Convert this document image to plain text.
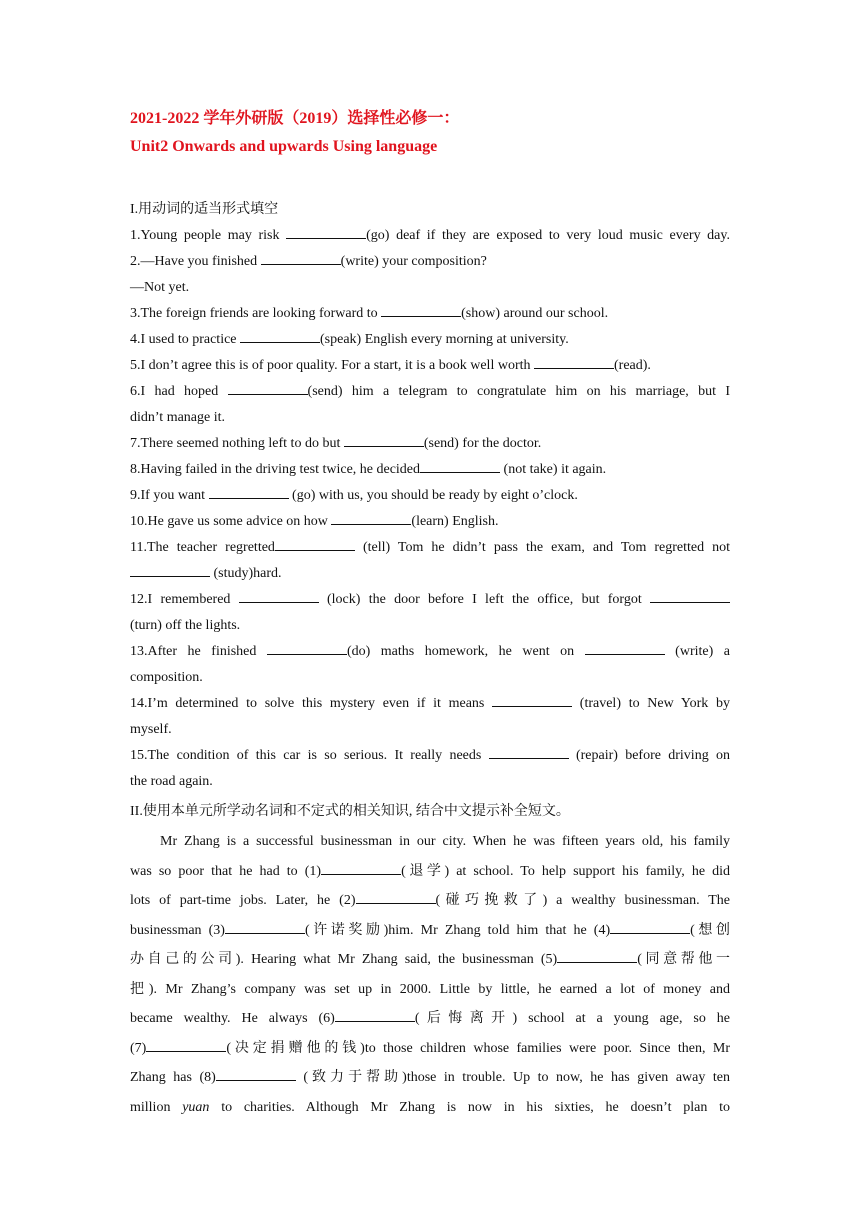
2021-2022 学年外研版（2019）选择性必修一：
Unit2 Onwards and upwards Using language
I.用动词的适当形式填空
1.Young people may risk	(go) deaf if they are exposed to very loud music every day.
2.—Have you finished	(write) your composition?
—Not yet.
3.The foreign friends are looking forward to	(show) around our school.
4.I used to practice	(speak) English every morning at university.
5.I don’t agree this is of poor quality. For a start, it is a book well worth	(read).
6.I had hoped	(send) him a telegram to congratulate him on his marriage, but I
didn’t manage it.
7.There seemed nothing left to do but	(send) for the doctor.
8.Having failed in the driving test twice, he decided	(not take) it again.
9.If you want	(go) with us, you should be ready by eight o’clock.
10.He gave us some advice on how	(learn) English.
11.The teacher regretted	(tell) Tom he didn’t pass the exam, and Tom regretted not
(study)hard.
12.I remembered	(lock) the door before I left the office, but forgot
(turn) off the lights.
13.After he finished	(do) maths homework, he went on	(write) a
composition.
14.I’m determined to solve this mystery even if it means	(travel) to New York by
myself.
15.The condition of this car is so serious. It really needs	(repair) before driving on
the road again.
II.使用本单元所学动名词和不定式的相关知识, 结合中文提示补全短文。
Mr Zhang is a successful businessman in our city. When he was fifteen years old, his family
was so poor that he had to (1)	(退学) at school. To help support his family, he did
lots of part-time jobs. Later, he (2)	(碰巧挽救了) a wealthy businessman. The
businessman (3)	(许诺奖励)him. Mr Zhang told him that he (4)	(想创
办自己的公司). Hearing what Mr Zhang said, the businessman (5)	(同意帮他一
把). Mr Zhang’s company was set up in 2000. Little by little, he earned a lot of money and
became wealthy. He always (6)	(后悔离开) school at a young age, so he
(7)	(决定捐赠他的钱)to those children whose families were poor. Since then, Mr
Zhang has (8)	(致力于帮助)those in trouble. Up to now, he has given away ten
million yuan to charities. Although Mr Zhang is now in his sixties, he doesn’t plan to
